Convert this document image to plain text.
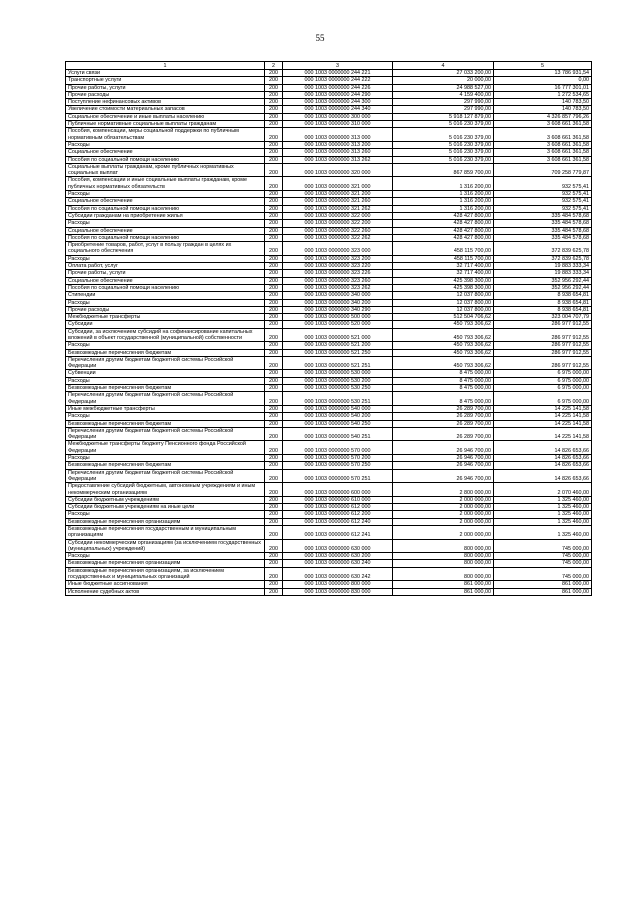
55
1	2	3	4	5
Услуги связи	200	000 1003 0000000 244 221	27 033 200,00	13 786 931,54
Транспортные услуги	200	000 1003 0000000 244 222	20 000,00	0,00
Прочие работы, услуги	200	000 1003 0000000 244 226	24 988 527,00	16 777 301,01
Прочие расходы	200	000 1003 0000000 244 290	4 159 400,00	1 272 534,65
Поступление нефинансовых активов	200	000 1003 0000000 244 300	297 990,00	140 783,50
Увеличение стоимости материальных запасов	200	000 1003 0000000 244 340	297 990,00	140 783,50
Социальное обеспечение и иные выплаты населению	200	000 1003 0000000 300 000	5 918 127 879,00	4 326 857 796,26
Публичные нормативные социальные выплаты гражданам	200	000 1003 0000000 310 000	5 016 230 379,00	3 608 661 361,58
Пособия, компенсации, меры социальной поддержки по публичным нормативным обязательствам	200	000 1003 0000000 313 000	5 016 230 379,00	3 608 661 361,58
Расходы	200	000 1003 0000000 313 200	5 016 230 379,00	3 608 661 361,58
Социальное обеспечение	200	000 1003 0000000 313 260	5 016 230 379,00	3 608 661 361,58
Пособия по социальной помощи населению	200	000 1003 0000000 313 262	5 016 230 379,00	3 608 661 361,58
Социальные выплаты гражданам, кроме публичных нормативных социальных выплат	200	000 1003 0000000 320 000	867 859 700,00	709 258 779,87
Пособия, компенсации и иные социальные выплаты гражданам, кроме публичных нормативных обязательств	200	000 1003 0000000 321 000	1 316 200,00	932 575,41
Расходы	200	000 1003 0000000 321 200	1 316 200,00	932 575,41
Социальное обеспечение	200	000 1003 0000000 321 260	1 316 200,00	932 575,41
Пособия по социальной помощи населению	200	000 1003 0000000 321 262	1 316 200,00	932 575,41
Субсидии гражданам на приобретение жилья	200	000 1003 0000000 322 000	428 427 800,00	335 484 578,68
Расходы	200	000 1003 0000000 322 200	428 427 800,00	335 484 578,68
Социальное обеспечение	200	000 1003 0000000 322 260	428 427 800,00	335 484 578,68
Пособия по социальной помощи населению	200	000 1003 0000000 322 262	428 427 800,00	335 484 578,68
Приобретение товаров, работ, услуг в пользу граждан в целях их социального обеспечения	200	000 1003 0000000 323 000	458 115 700,00	372 839 625,78
Расходы	200	000 1003 0000000 323 200	458 115 700,00	372 839 625,78
Оплата работ, услуг	200	000 1003 0000000 323 220	32 717 400,00	19 883 333,34
Прочие работы, услуги	200	000 1003 0000000 323 226	32 717 400,00	19 883 333,34
Социальное обеспечение	200	000 1003 0000000 323 260	425 398 300,00	352 956 292,44
Пособия по социальной помощи населению	200	000 1003 0000000 323 262	425 398 300,00	352 956 292,44
Стипендии	200	000 1003 0000000 340 000	12 037 800,00	8 938 654,81
Расходы	200	000 1003 0000000 340 200	12 037 800,00	8 938 654,81
Прочие расходы	200	000 1003 0000000 340 290	12 037 800,00	8 938 654,81
Межбюджетные трансферты	200	000 1003 0000000 500 000	512 504 706,62	323 004 707,79
Субсидии	200	000 1003 0000000 520 000	450 793 306,62	286 977 912,55
Субсидии, за исключением субсидий на софинансирование капитальных вложений в объект государственной (муниципальной) собственности	200	000 1003 0000000 521 000	450 793 306,62	286 977 912,55
Расходы	200	000 1003 0000000 521 200	450 793 306,62	286 977 912,55
Безвозмездные перечисления бюджетам	200	000 1003 0000000 521 250	450 793 306,62	286 977 912,55
Перечисления другим бюджетам бюджетной системы Российской Федерации	200	000 1003 0000000 521 251	450 793 306,62	286 977 912,55
Субвенции	200	000 1003 0000000 530 000	8 475 000,00	6 975 000,00
Расходы	200	000 1003 0000000 530 200	8 475 000,00	6 975 000,00
Безвозмездные перечисления бюджетам	200	000 1003 0000000 530 250	8 475 000,00	6 975 000,00
Перечисления другим бюджетам бюджетной системы Российской Федерации	200	000 1003 0000000 530 251	8 475 000,00	6 975 000,00
Иные межбюджетные трансферты	200	000 1003 0000000 540 000	26 289 700,00	14 225 141,58
Расходы	200	000 1003 0000000 540 200	26 289 700,00	14 225 141,58
Безвозмездные перечисления бюджетам	200	000 1003 0000000 540 250	26 289 700,00	14 225 141,58
Перечисления другим бюджетам бюджетной системы Российской Федерации	200	000 1003 0000000 540 251	26 289 700,00	14 225 141,58
Межбюджетные трансферты бюджету Пенсионного фонда Российской Федерации	200	000 1003 0000000 570 000	26 946 700,00	14 826 653,66
Расходы	200	000 1003 0000000 570 200	26 946 700,00	14 826 653,66
Безвозмездные перечисления бюджетам	200	000 1003 0000000 570 250	26 946 700,00	14 826 653,66
Перечисления другим бюджетам бюджетной системы Российской Федерации	200	000 1003 0000000 570 251	26 946 700,00	14 826 653,66
Предоставление субсидий бюджетным, автономным учреждениям и иным некоммерческим организациям	200	000 1003 0000000 600 000	2 800 000,00	2 070 460,00
Субсидии бюджетным учреждениям	200	000 1003 0000000 610 000	2 000 000,00	1 325 460,00
Субсидии бюджетным учреждениям на иные цели	200	000 1003 0000000 612 000	2 000 000,00	1 325 460,00
Расходы	200	000 1003 0000000 612 200	2 000 000,00	1 325 460,00
Безвозмездные перечисления организациям	200	000 1003 0000000 612 240	2 000 000,00	1 325 460,00
Безвозмездные перечисления государственным и муниципальным организациям	200	000 1003 0000000 612 241	2 000 000,00	1 325 460,00
Субсидии некоммерческим организациям (за исключением государственных (муниципальных) учреждений)	200	000 1003 0000000 630 000	800 000,00	745 000,00
Расходы	200	000 1003 0000000 630 200	800 000,00	745 000,00
Безвозмездные перечисления организациям	200	000 1003 0000000 630 240	800 000,00	745 000,00
Безвозмездные перечисления организациям, за исключением государственных и муниципальных организаций	200	000 1003 0000000 630 242	800 000,00	745 000,00
Иные бюджетные ассигнования	200	000 1003 0000000 800 000	861 000,00	861 000,00
Исполнение судебных актов	200	000 1003 0000000 830 000	861 000,00	861 000,00
